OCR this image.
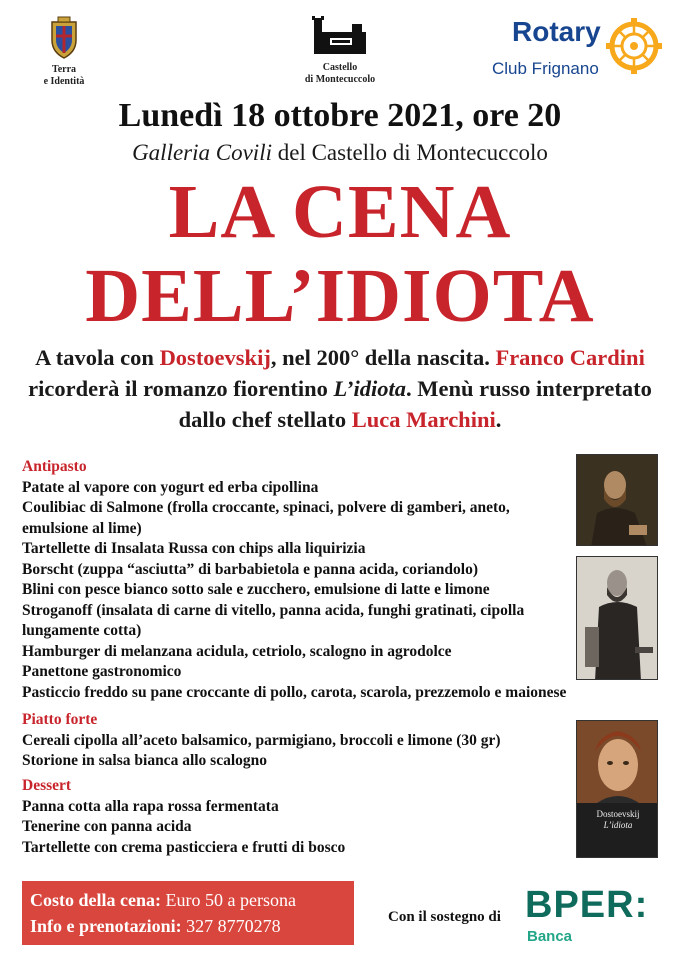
Terra
e Identità
Castello
di Montecuccolo
Rotary
Club Frignano
Lunedì 18 ottobre 2021, ore 20
Galleria Covili del Castello di Montecuccolo
LA CENA
DELL’IDIOTA
A tavola con Dostoevskij, nel 200° della nascita. Franco Cardini ricorderà il romanzo fiorentino L’idiota. Menù russo interpretato dallo chef stellato Luca Marchini.
Antipasto
Patate al vapore con yogurt ed erba cipollina
Coulibiac di Salmone (frolla croccante, spinaci, polvere di gamberi, aneto,
emulsione al lime)
Tartellette di Insalata Russa con chips alla liquirizia
Borscht (zuppa “asciutta” di barbabietola e panna acida, coriandolo)
Blini con pesce bianco sotto sale e zucchero, emulsione di latte e limone
Stroganoff (insalata di carne di vitello, panna acida, funghi gratinati, cipolla
lungamente cotta)
Hamburger di melanzana acidula, cetriolo, scalogno in agrodolce
Panettone gastronomico
Pasticcio freddo su pane croccante di pollo, carota, scarola, prezzemolo e maionese
Piatto forte
Cereali cipolla all’aceto balsamico, parmigiano, broccoli e limone (30 gr)
Storione in salsa bianca allo scalogno
Dessert
Panna cotta alla rapa rossa fermentata
Tenerine con panna acida
Tartellette con crema pasticciera e frutti di bosco
Dostoevskij
L’idiota
Costo della cena: Euro 50 a persona
Info e prenotazioni: 327 8770278	Con il sostegno di BPER:
Banca
